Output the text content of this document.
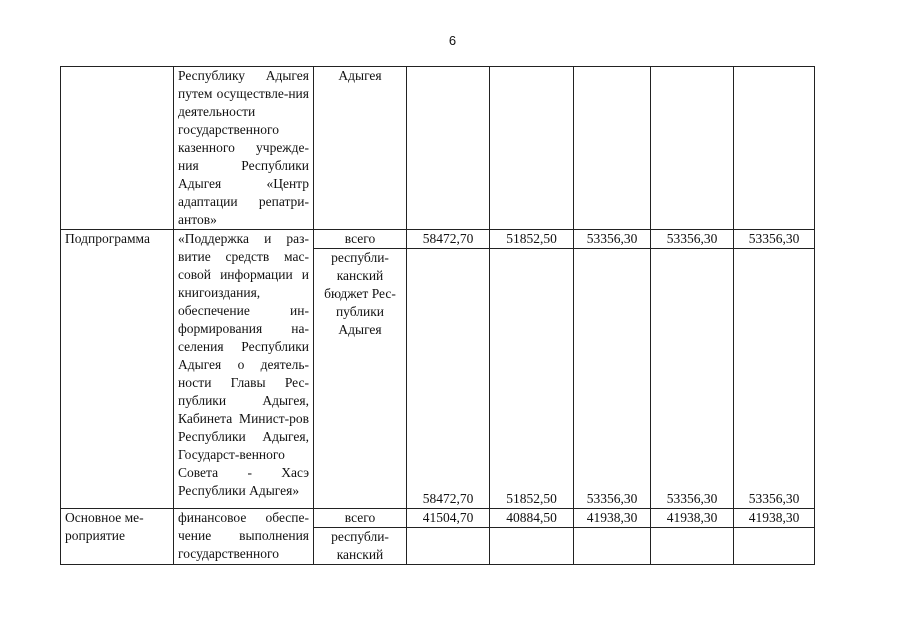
6

	Республику Адыгея путем осуществле-ния деятельности государственного казенного учрежде-ния Республики Адыгея «Центр адаптации репатри-антов»	Адыгея					
Подпрограмма	«Поддержка и раз-витие средств мас-совой информации и книгоиздания, обеспечение ин-формирования на-селения Республики Адыгея о деятель-ности Главы Рес-публики Адыгея, Кабинета Минист-ров Республики Адыгея, Государст-венного Совета - Хасэ Республики Адыгея»	всего	58472,70	51852,50	53356,30	53356,30	53356,30
		республи-канский бюджет Рес-публики Адыгея	58472,70	51852,50	53356,30	53356,30	53356,30
Основное ме-роприятие	финансовое обеспе-чение выполнения государственного	всего	41504,70	40884,50	41938,30	41938,30	41938,30
		республи-канский					
